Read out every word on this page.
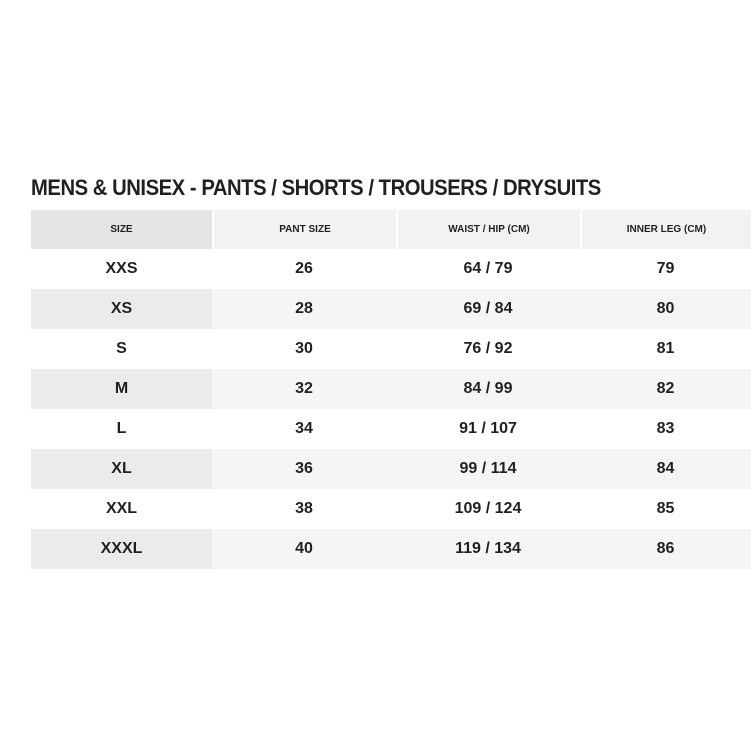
MENS & UNISEX - PANTS / SHORTS / TROUSERS / DRYSUITS
SIZE	PANT SIZE	WAIST / HIP (CM)	INNER LEG (CM)
XXS	26	64 / 79	79
XS	28	69 / 84	80
S	30	76 / 92	81
M	32	84 / 99	82
L	34	91 / 107	83
XL	36	99 / 114	84
XXL	38	109 / 124	85
XXXL	40	119 / 134	86
